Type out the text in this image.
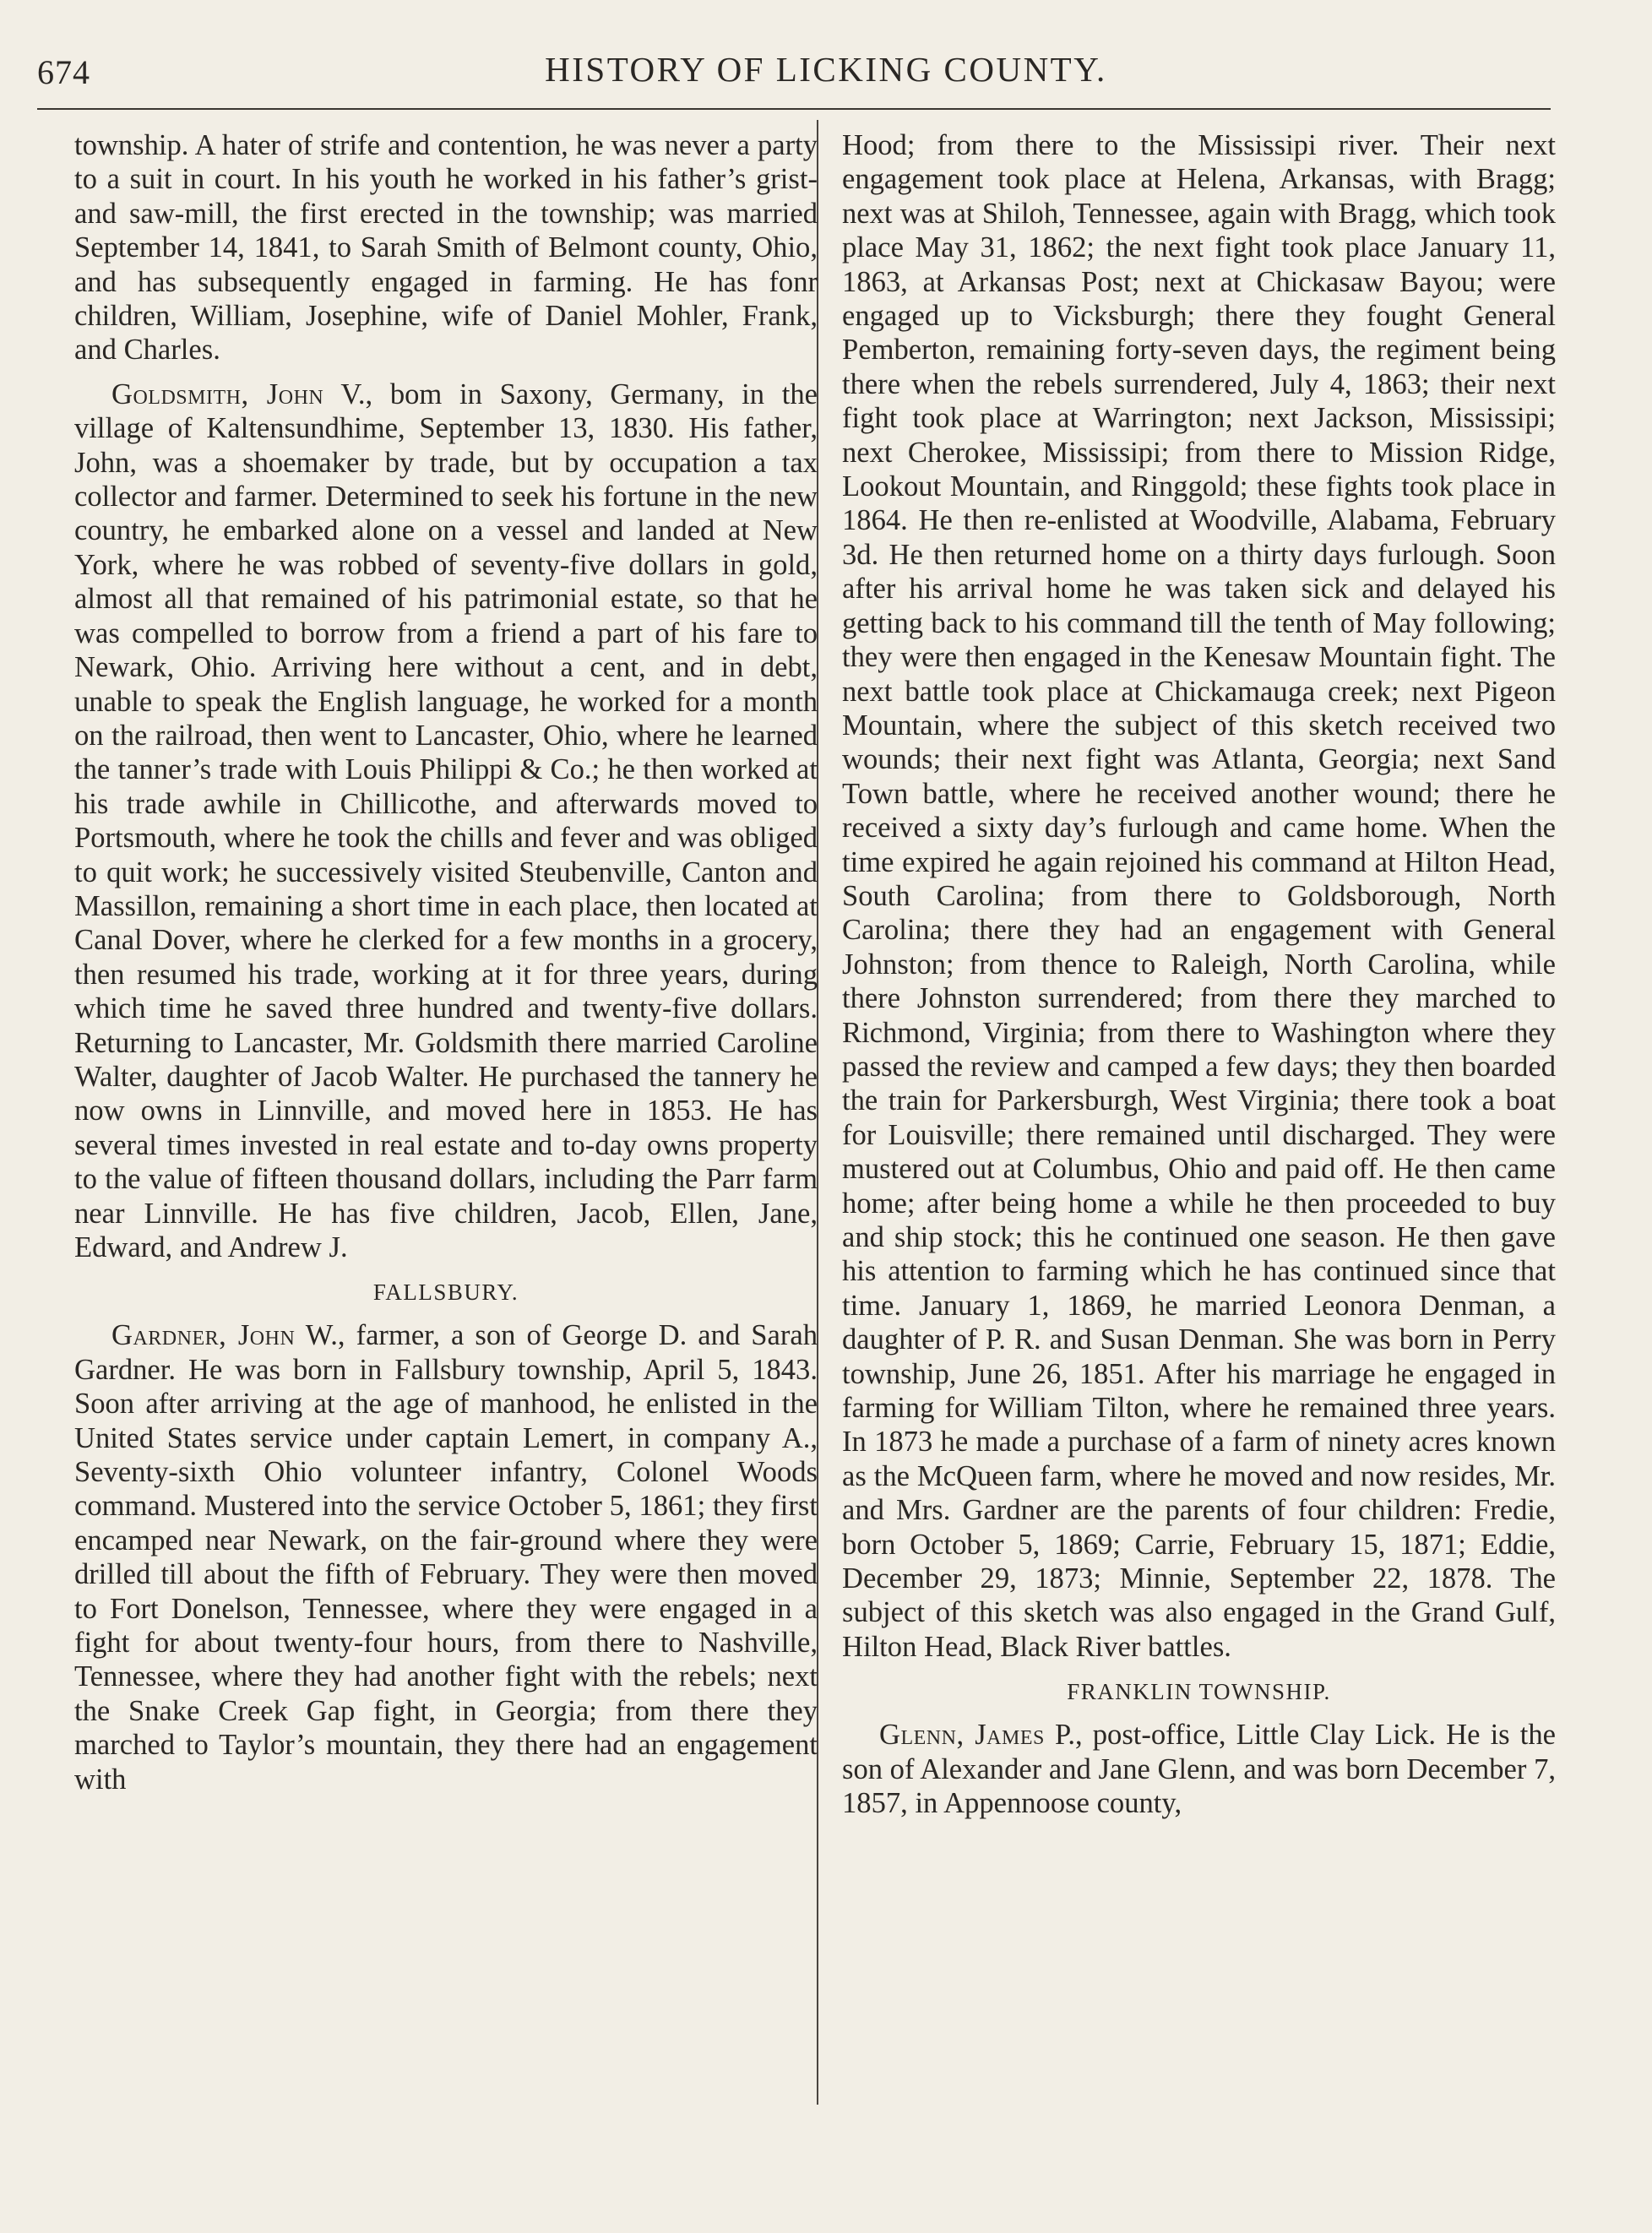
674	HISTORY OF LICKING COUNTY.

township. A hater of strife and contention, he was never a party to a suit in court. In his youth he worked in his father’s grist- and saw-mill, the first erected in the township; was married September 14, 1841, to Sarah Smith of Belmont county, Ohio, and has subsequently engaged in farming. He has fonr children, William, Josephine, wife of Daniel Mohler, Frank, and Charles.

Goldsmith, John V., bom in Saxony, Germany, in the village of Kaltensundhime, September 13, 1830. His father, John, was a shoemaker by trade, but by occupation a tax collector and farmer. Determined to seek his fortune in the new country, he embarked alone on a vessel and landed at New York, where he was robbed of seventy-five dollars in gold, almost all that remained of his patrimonial estate, so that he was compelled to borrow from a friend a part of his fare to Newark, Ohio. Arriving here without a cent, and in debt, unable to speak the English language, he worked for a month on the railroad, then went to Lancaster, Ohio, where he learned the tanner’s trade with Louis Philippi & Co.; he then worked at his trade awhile in Chillicothe, and afterwards moved to Portsmouth, where he took the chills and fever and was obliged to quit work; he successively visited Steubenville, Canton and Massillon, remaining a short time in each place, then located at Canal Dover, where he clerked for a few months in a grocery, then resumed his trade, working at it for three years, during which time he saved three hundred and twenty-five dollars. Returning to Lancaster, Mr. Goldsmith there married Caroline Walter, daughter of Jacob Walter. He purchased the tannery he now owns in Linnville, and moved here in 1853. He has several times invested in real estate and to-day owns property to the value of fifteen thousand dollars, including the Parr farm near Linnville. He has five children, Jacob, Ellen, Jane, Edward, and Andrew J.

FALLSBURY.

Gardner, John W., farmer, a son of George D. and Sarah Gardner. He was born in Fallsbury township, April 5, 1843. Soon after arriving at the age of manhood, he enlisted in the United States service under captain Lemert, in company A., Seventy-sixth Ohio volunteer infantry, Colonel Woods command. Mustered into the service October 5, 1861; they first encamped near Newark, on the fair-ground where they were drilled till about the fifth of February. They were then moved to Fort Donelson, Tennessee, where they were engaged in a fight for about twenty-four hours, from there to Nashville, Tennessee, where they had another fight with the rebels; next the Snake Creek Gap fight, in Georgia; from there they marched to Taylor’s mountain, they there had an engagement with

Hood; from there to the Mississipi river. Their next engagement took place at Helena, Arkansas, with Bragg; next was at Shiloh, Tennessee, again with Bragg, which took place May 31, 1862; the next fight took place January 11, 1863, at Arkansas Post; next at Chickasaw Bayou; were engaged up to Vicksburgh; there they fought General Pemberton, remaining forty-seven days, the regiment being there when the rebels surrendered, July 4, 1863; their next fight took place at Warrington; next Jackson, Mississipi; next Cherokee, Mississipi; from there to Mission Ridge, Lookout Mountain, and Ringgold; these fights took place in 1864. He then re-enlisted at Woodville, Alabama, February 3d. He then returned home on a thirty days furlough. Soon after his arrival home he was taken sick and delayed his getting back to his command till the tenth of May following; they were then engaged in the Kenesaw Mountain fight. The next battle took place at Chickamauga creek; next Pigeon Mountain, where the subject of this sketch received two wounds; their next fight was Atlanta, Georgia; next Sand Town battle, where he received another wound; there he received a sixty day’s furlough and came home. When the time expired he again rejoined his command at Hilton Head, South Carolina; from there to Goldsborough, North Carolina; there they had an engagement with General Johnston; from thence to Raleigh, North Carolina, while there Johnston surrendered; from there they marched to Richmond, Virginia; from there to Washington where they passed the review and camped a few days; they then boarded the train for Parkersburgh, West Virginia; there took a boat for Louisville; there remained until discharged. They were mustered out at Columbus, Ohio and paid off. He then came home; after being home a while he then proceeded to buy and ship stock; this he continued one season. He then gave his attention to farming which he has continued since that time. January 1, 1869, he married Leonora Denman, a daughter of P. R. and Susan Denman. She was born in Perry township, June 26, 1851. After his marriage he engaged in farming for William Tilton, where he remained three years. In 1873 he made a purchase of a farm of ninety acres known as the McQueen farm, where he moved and now resides, Mr. and Mrs. Gardner are the parents of four children: Fredie, born October 5, 1869; Carrie, February 15, 1871; Eddie, December 29, 1873; Minnie, September 22, 1878. The subject of this sketch was also engaged in the Grand Gulf, Hilton Head, Black River battles.

FRANKLIN TOWNSHIP.

Glenn, James P., post-office, Little Clay Lick. He is the son of Alexander and Jane Glenn, and was born December 7, 1857, in Appennoose county,
